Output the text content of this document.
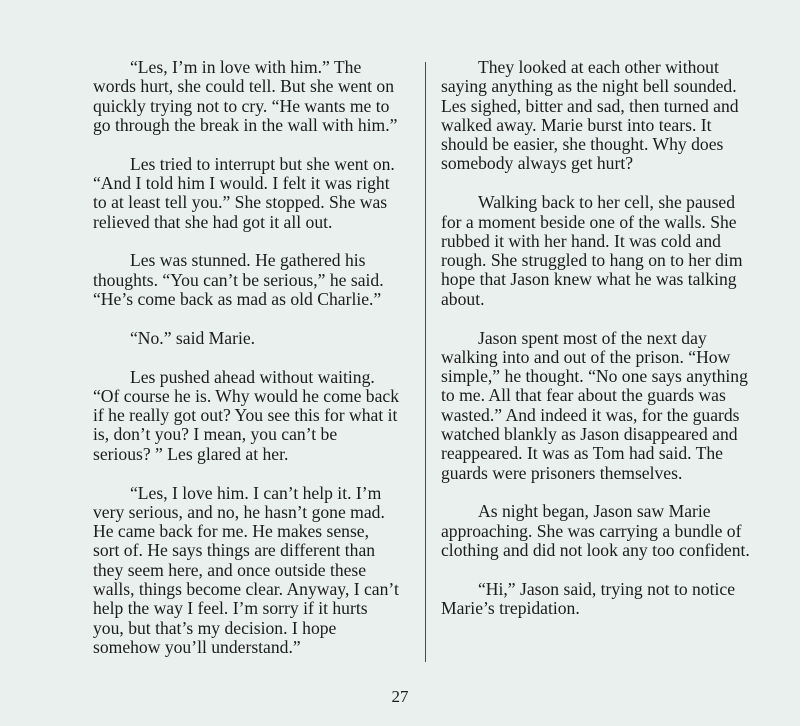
“Les, I’m in love with him.” The words hurt, she could tell. But she went on quickly trying not to cry. “He wants me to go through the break in the wall with him.”

Les tried to interrupt but she went on. “And I told him I would. I felt it was right to at least tell you.” She stopped. She was relieved that she had got it all out.

Les was stunned. He gathered his thoughts. “You can’t be serious,” he said. “He’s come back as mad as old Charlie.”

“No.” said Marie.

Les pushed ahead without waiting. “Of course he is. Why would he come back if he really got out? You see this for what it is, don’t you? I mean, you can’t be serious? ” Les glared at her.

“Les, I love him. I can’t help it. I’m very serious, and no, he hasn’t gone mad. He came back for me. He makes sense, sort of. He says things are different than they seem here, and once outside these walls, things become clear. Anyway, I can’t help the way I feel. I’m sorry if it hurts you, but that’s my decision. I hope somehow you’ll understand.”

They looked at each other without saying anything as the night bell sounded. Les sighed, bitter and sad, then turned and walked away. Marie burst into tears. It should be easier, she thought. Why does somebody always get hurt?

Walking back to her cell, she paused for a moment beside one of the walls. She rubbed it with her hand. It was cold and rough. She struggled to hang on to her dim hope that Jason knew what he was talking about.

Jason spent most of the next day walking into and out of the prison. “How simple,” he thought. “No one says anything to me. All that fear about the guards was wasted.” And indeed it was, for the guards watched blankly as Jason disappeared and reappeared. It was as Tom had said. The guards were prisoners themselves.

As night began, Jason saw Marie approaching. She was carrying a bundle of clothing and did not look any too confident.

“Hi,” Jason said, trying not to notice Marie’s trepidation.

27
